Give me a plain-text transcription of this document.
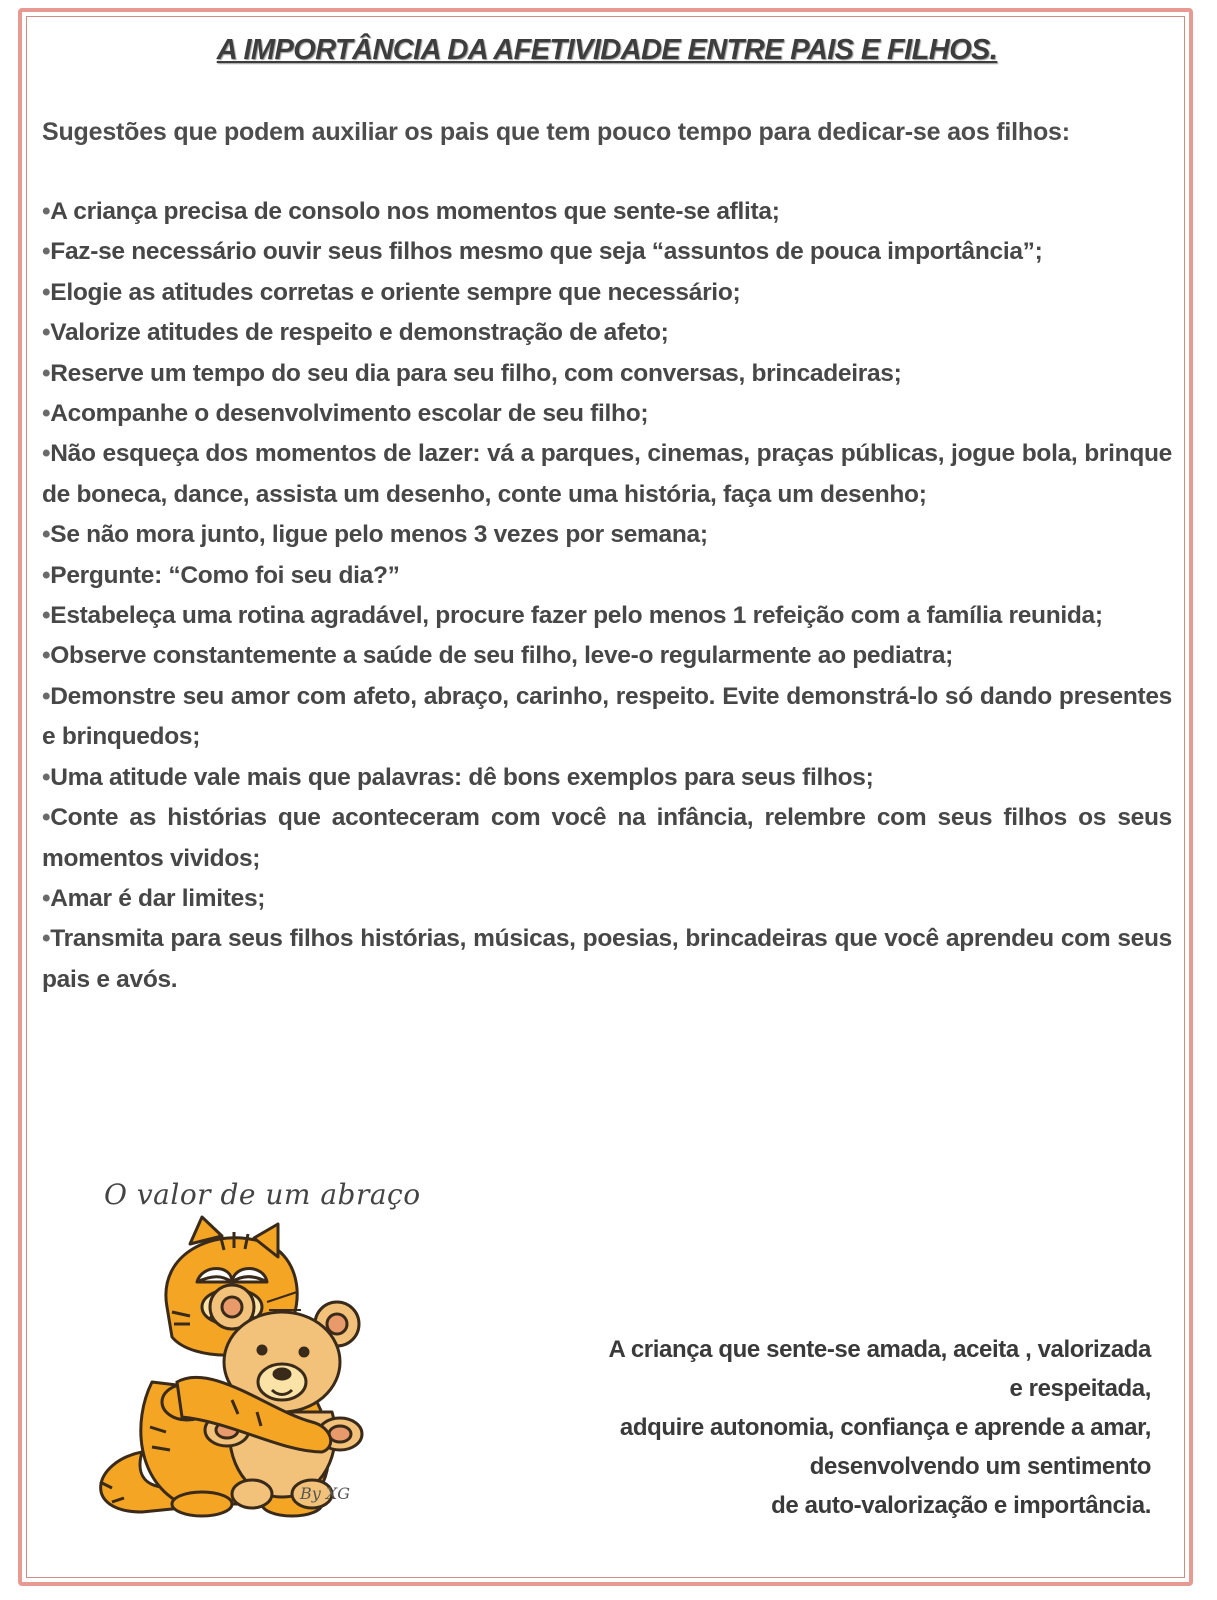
A IMPORTÂNCIA DA AFETIVIDADE ENTRE PAIS E FILHOS.

Sugestões que podem auxiliar os pais que tem pouco tempo para dedicar-se aos filhos:

• A criança precisa de consolo nos momentos que sente-se aflita;
• Faz-se necessário ouvir seus filhos mesmo que seja “assuntos de pouca importância”;
• Elogie as atitudes corretas e oriente sempre que necessário;
• Valorize atitudes de respeito e demonstração de afeto;
• Reserve um tempo do seu dia para seu filho, com conversas, brincadeiras;
• Acompanhe o desenvolvimento escolar de seu filho;
• Não esqueça dos momentos de lazer: vá a parques, cinemas, praças públicas, jogue bola, brinque de boneca, dance, assista um desenho, conte uma história, faça um desenho;
• Se não mora junto, ligue pelo menos 3 vezes por semana;
• Pergunte: “Como foi seu dia?”
• Estabeleça uma rotina agradável, procure fazer pelo menos 1 refeição com a família reunida;
• Observe constantemente a saúde de seu filho, leve-o regularmente ao pediatra;
• Demonstre seu amor com afeto, abraço, carinho, respeito. Evite demonstrá-lo só dando presentes e brinquedos;
• Uma atitude vale mais que palavras: dê bons exemplos para seus filhos;
• Conte as histórias que aconteceram com você na infância, relembre com seus filhos os seus momentos vividos;
• Amar é dar limites;
• Transmita para seus filhos histórias, músicas, poesias, brincadeiras que você aprendeu com seus pais e avós.
O valor de um abraço
By XG
A criança que sente-se amada, aceita , valorizada
e respeitada,
adquire autonomia, confiança e aprende a amar,
desenvolvendo um sentimento
de auto-valorização e importância.
